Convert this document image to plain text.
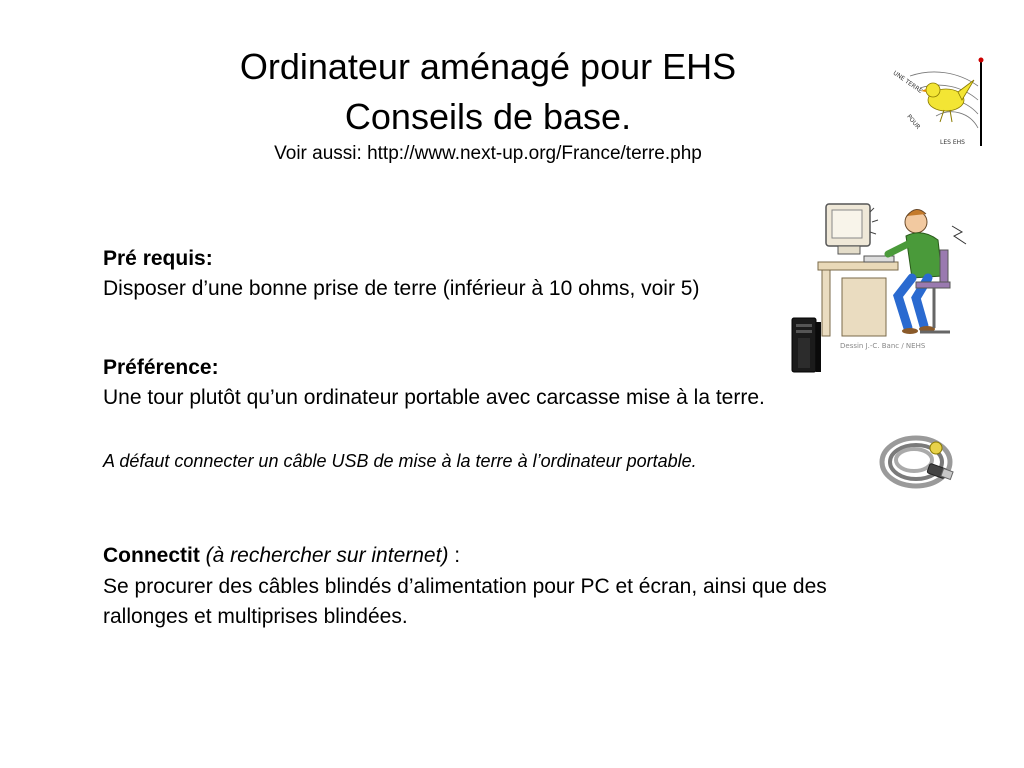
Ordinateur aménagé pour EHS
Conseils de base.
Voir aussi: http://www.next-up.org/France/terre.php
UNE TERRE
POUR
LES EHS
Pré requis:
Disposer d’une bonne prise de terre (inférieur à 10 ohms, voir 5)
Préférence:
Une tour plutôt qu’un ordinateur portable avec carcasse mise à la terre.
A défaut connecter un câble USB de mise à la terre à l’ordinateur portable.
Connectit (à rechercher sur internet) :
Se procurer des câbles blindés d’alimentation pour PC et écran, ainsi que des
rallonges et multiprises blindées.
Dessin J.-C. Banc / NEHS
